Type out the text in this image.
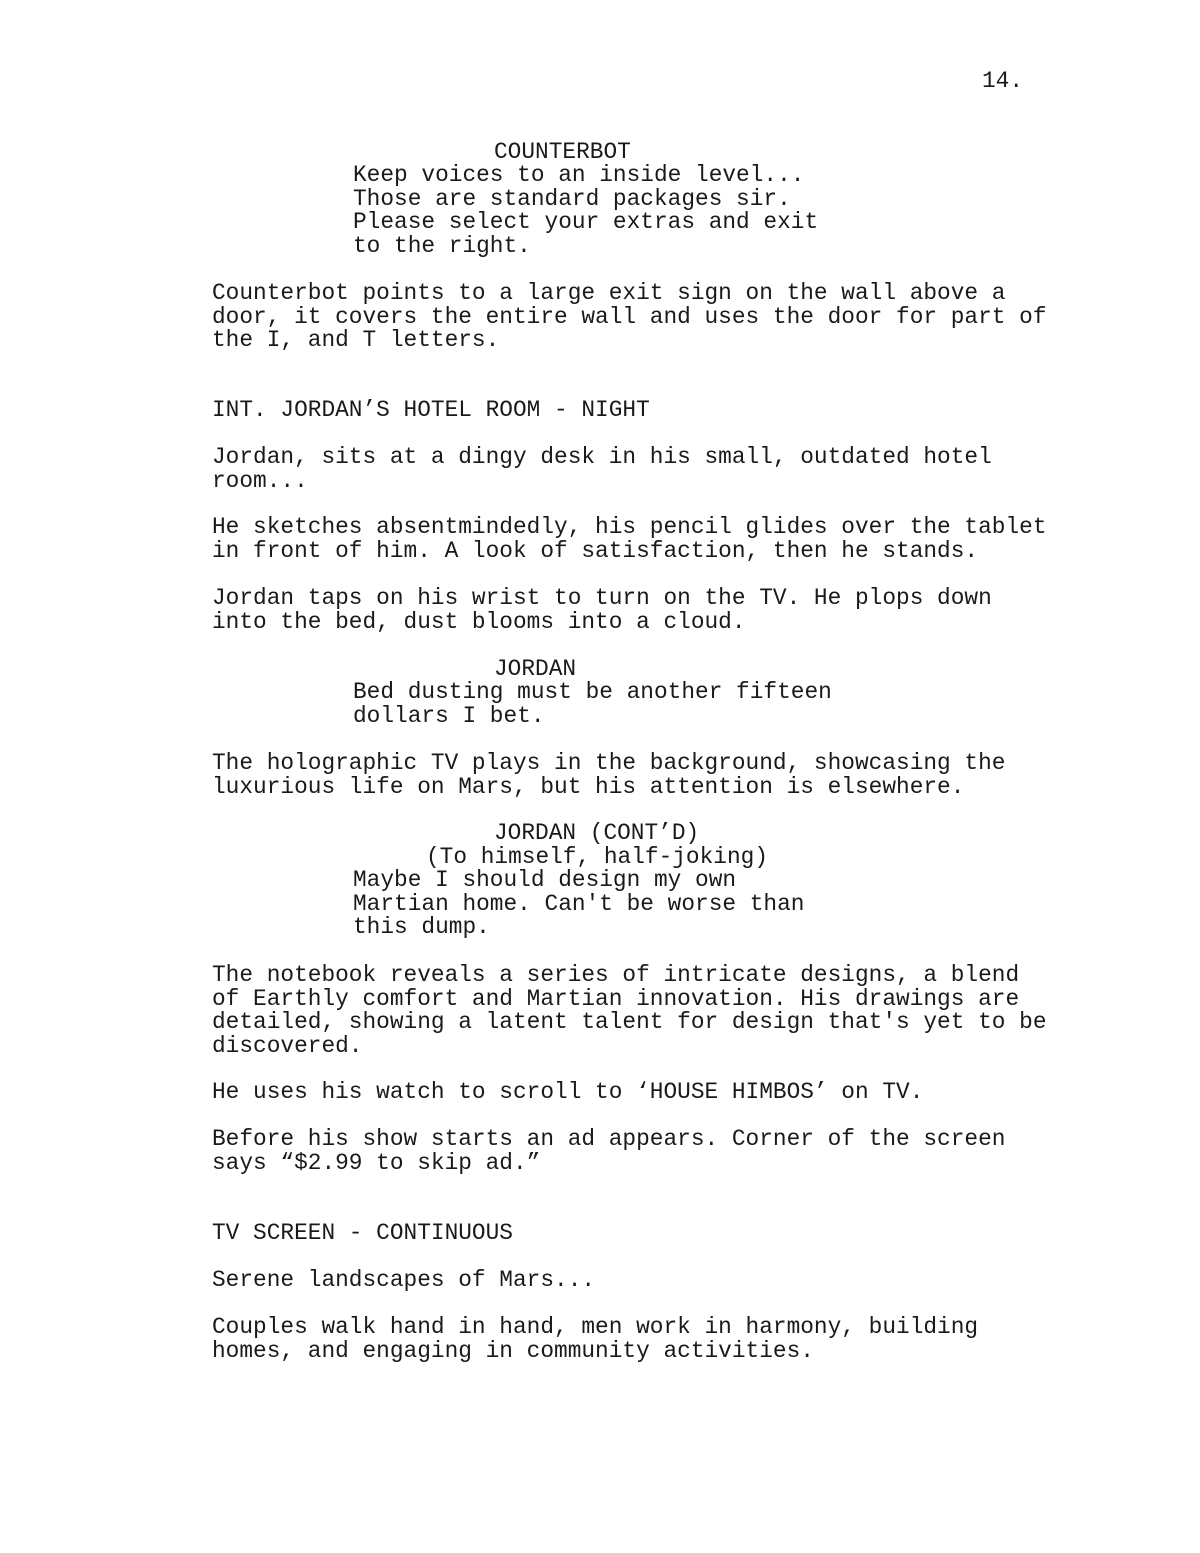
14.
COUNTERBOT
Keep voices to an inside level...
Those are standard packages sir.
Please select your extras and exit
to the right.
Counterbot points to a large exit sign on the wall above a
door, it covers the entire wall and uses the door for part of
the I, and T letters.
INT. JORDAN’S HOTEL ROOM - NIGHT
Jordan, sits at a dingy desk in his small, outdated hotel
room...
He sketches absentmindedly, his pencil glides over the tablet
in front of him. A look of satisfaction, then he stands.
Jordan taps on his wrist to turn on the TV. He plops down
into the bed, dust blooms into a cloud.
JORDAN
Bed dusting must be another fifteen
dollars I bet.
The holographic TV plays in the background, showcasing the
luxurious life on Mars, but his attention is elsewhere.
JORDAN (CONT’D)
(To himself, half-joking)
Maybe I should design my own
Martian home. Can't be worse than
this dump.
The notebook reveals a series of intricate designs, a blend
of Earthly comfort and Martian innovation. His drawings are
detailed, showing a latent talent for design that's yet to be
discovered.
He uses his watch to scroll to ‘HOUSE HIMBOS’ on TV.
Before his show starts an ad appears. Corner of the screen
says “$2.99 to skip ad.”
TV SCREEN - CONTINUOUS
Serene landscapes of Mars...
Couples walk hand in hand, men work in harmony, building
homes, and engaging in community activities.
